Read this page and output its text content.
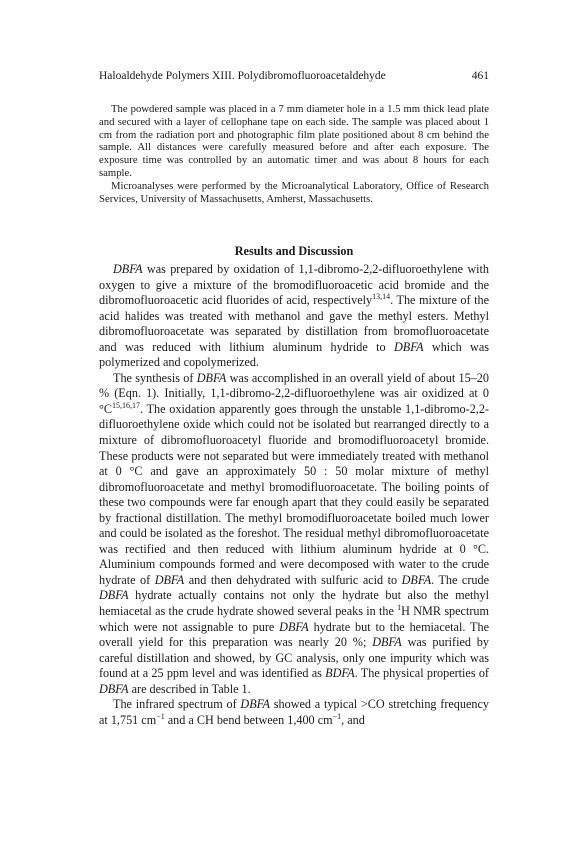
Haloaldehyde Polymers XIII. Polydibromofluoroacetaldehyde	461

The powdered sample was placed in a 7 mm diameter hole in a 1.5 mm thick lead plate and secured with a layer of cellophane tape on each side. The sample was placed about 1 cm from the radiation port and photographic film plate positioned about 8 cm behind the sample. All distances were carefully measured before and after each exposure. The exposure time was controlled by an automatic timer and was about 8 hours for each sample.

Microanalyses were performed by the Microanalytical Laboratory, Office of Research Services, University of Massachusetts, Amherst, Massachusetts.

Results and Discussion

DBFA was prepared by oxidation of 1,1-dibromo-2,2-difluoroethylene with oxygen to give a mixture of the bromodifluoroacetic acid bromide and the dibromofluoroacetic acid fluorides of acid, respectively$^{13,14}$. The mixture of the acid halides was treated with methanol and gave the methyl esters. Methyl dibromofluoroacetate was separated by distillation from bromofluoroacetate and was reduced with lithium aluminum hydride to DBFA which was polymerized and copolymerized.

The synthesis of DBFA was accomplished in an overall yield of about 15–20 % (Eqn. 1). Initially, 1,1-dibromo-2,2-difluoroethylene was air oxidized at 0 $^\circ C^{15,16,17}$. The oxidation apparently goes through the unstable 1,1-dibromo-2,2-difluoroethylene oxide which could not be isolated but rearranged directly to a mixture of dibromofluoroacetyl fluoride and bromodifluoroacetyl bromide. These products were not separated but were immediately treated with methanol at 0 °C and gave an approximately 50 : 50 molar mixture of methyl dibromofluoroacetate and methyl bromodifluoroacetate. The boiling points of these two compounds were far enough apart that they could easily be separated by fractional distillation. The methyl bromodifluoroacetate boiled much lower and could be isolated as the foreshot. The residual methyl dibromofluoroacetate was rectified and then reduced with lithium aluminum hydride at 0 °C. Aluminium compounds formed and were decomposed with water to the crude hydrate of DBFA and then dehydrated with sulfuric acid to DBFA. The crude DBFA hydrate actually contains not only the hydrate but also the methyl hemiacetal as the crude hydrate showed several peaks in the $^1$H NMR spectrum which were not assignable to pure DBFA hydrate but to the hemiacetal. The overall yield for this preparation was nearly 20 %; DBFA was purified by careful distillation and showed, by GC analysis, only one impurity which was found at a 25 ppm level and was identified as BDFA. The physical properties of DBFA are described in Table 1.

The infrared spectrum of DBFA showed a typical >CO stretching frequency at 1,751 $cm^{-1}$ and a CH bend between 1,400 $cm^{-1}$, and
